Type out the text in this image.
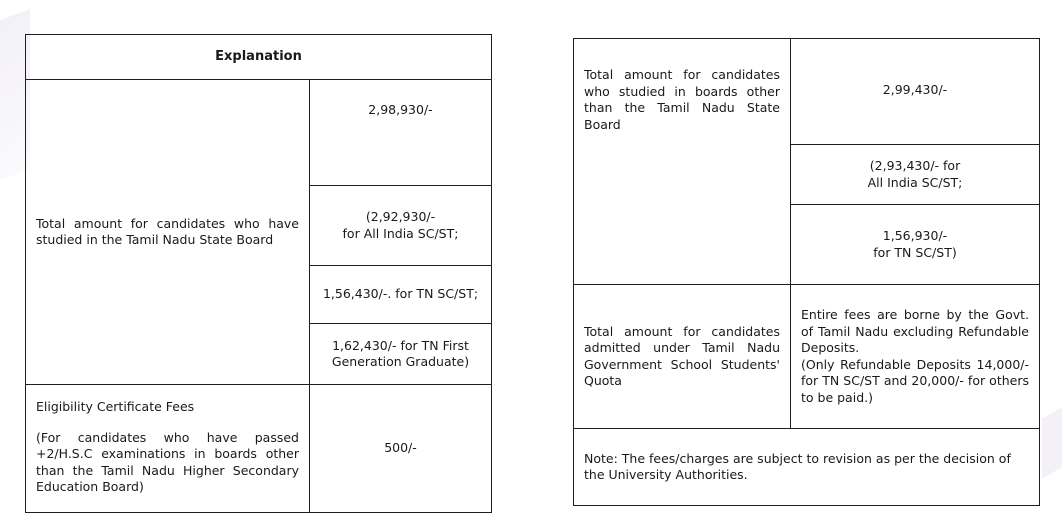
Explanation	
Total amount for candidates who have studied in the Tamil Nadu State Board	2,98,930/-
	(2,92,930/-
for All India SC/ST;
	1,56,430/-. for TN SC/ST;
	1,62,430/- for TN First
Generation Graduate)

Eligibility Certificate Fees
(For candidates who have passed +2/H.S.C examinations in boards other than the Tamil Nadu Higher Secondary Education Board)	500/-
Total amount for candidates who studied in boards other than the Tamil Nadu State Board	2,99,430/-
	(2,93,430/- for
All India SC/ST;
	1,56,930/-
for TN SC/ST)
Total amount for candidates admitted under Tamil Nadu Government School Students' Quota	Entire fees are borne by the Govt. of Tamil Nadu excluding Refundable Deposits.
(Only Refundable Deposits 14,000/- for TN SC/ST and 20,000/- for others to be paid.)

Note: The fees/charges are subject to revision as per the decision of the University Authorities.	
